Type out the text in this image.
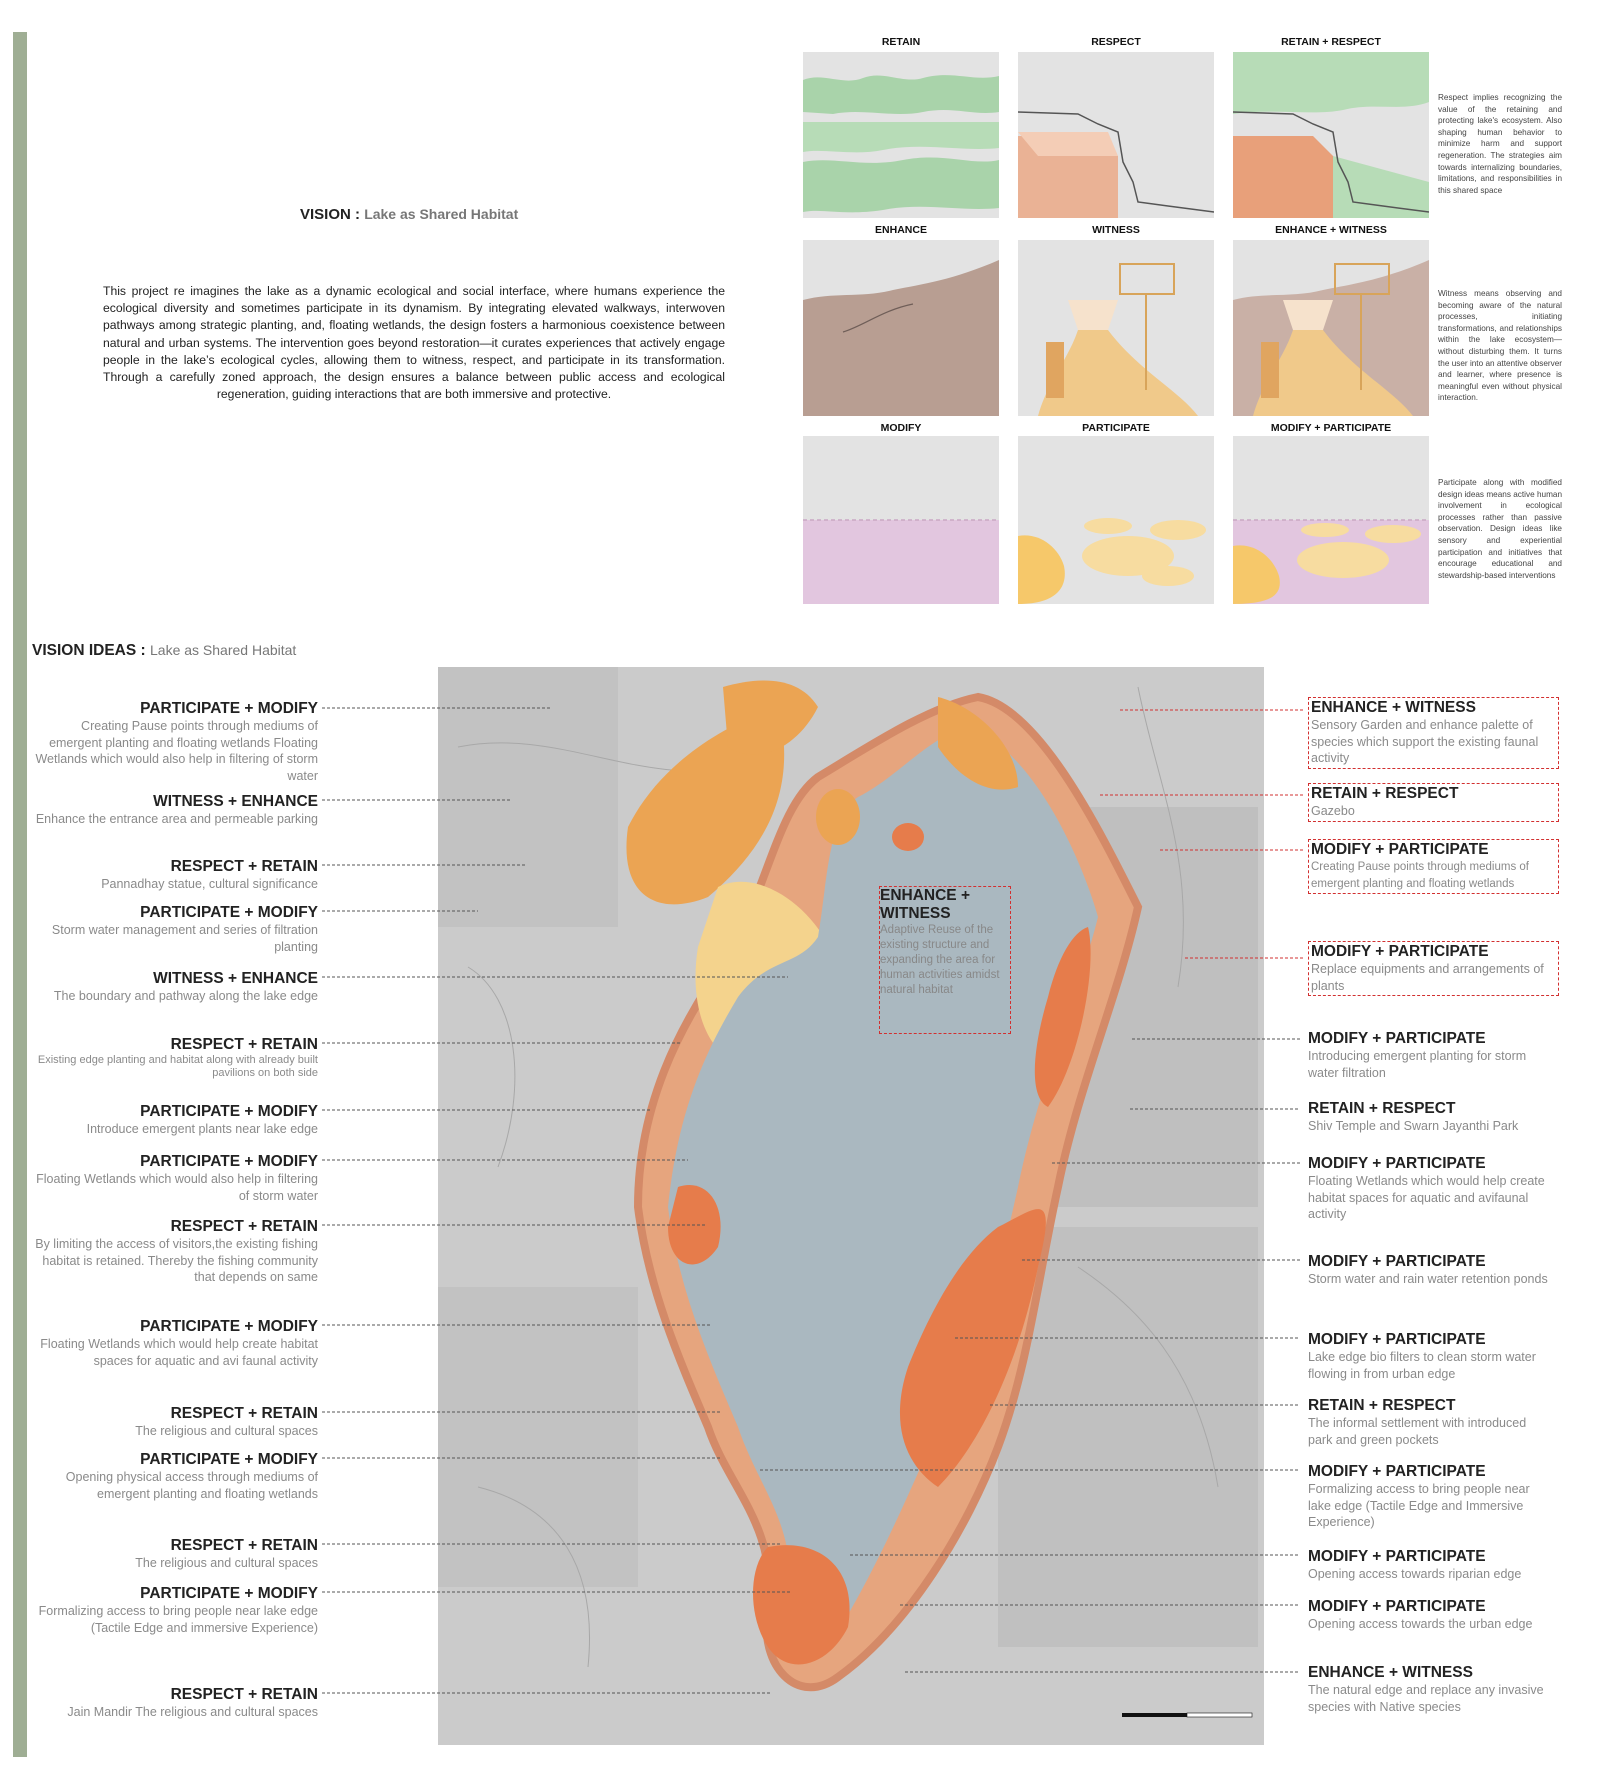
VISION : Lake as Shared Habitat
This project re imagines the lake as a dynamic ecological and social interface, where humans experience the ecological diversity and sometimes participate in its dynamism. By integrating elevated walkways, interwoven pathways among strategic planting, and, floating wetlands, the design fosters a harmonious coexistence between natural and urban systems. The intervention goes beyond restoration—it curates experiences that actively engage people in the lake’s ecological cycles, allowing them to witness, respect, and participate in its transformation. Through a carefully zoned approach, the design ensures a balance between public access and ecological regeneration, guiding interactions that are both immersive and protective.
RETAIN	RESPECT	RETAIN + RESPECT
ENHANCE	WITNESS	ENHANCE + WITNESS
MODIFY	PARTICIPATE	MODIFY + PARTICIPATE
Respect implies recognizing the value of the retaining and protecting lake's ecosystem. Also shaping human behavior to minimize harm and support regeneration. The strategies aim towards internalizing boundaries, limitations, and responsibilities in this shared space
Witness means observing and becoming aware of the natural processes, initiating transformations, and relationships within the lake ecosystem—without disturbing them. It turns the user into an attentive observer and learner, where presence is meaningful even without physical interaction.
Participate along with modified design ideas means active human involvement in ecological processes rather than passive observation. Design ideas like sensory and experiential participation and initiatives that encourage educational and stewardship-based interventions
VISION IDEAS : Lake as Shared Habitat
PARTICIPATE + MODIFY
Creating Pause points through mediums of emergent planting and floating wetlands Floating Wetlands which would also help in filtering of storm water
WITNESS + ENHANCE
Enhance the entrance area and permeable parking
RESPECT + RETAIN
Pannadhay statue, cultural significance
PARTICIPATE + MODIFY
Storm water management and series of filtration planting
WITNESS + ENHANCE
The boundary and pathway along the lake edge
RESPECT + RETAIN
Existing edge planting and habitat along with already built pavilions on both side
PARTICIPATE + MODIFY
Introduce emergent plants near lake edge
PARTICIPATE + MODIFY
Floating Wetlands which would also help in filtering of storm water
RESPECT + RETAIN
By limiting the access of visitors,the existing fishing habitat is retained. Thereby the fishing community that depends on same
PARTICIPATE + MODIFY
Floating Wetlands which would help create habitat spaces for aquatic and avi faunal activity
RESPECT + RETAIN
The religious and cultural spaces
PARTICIPATE + MODIFY
Opening physical access through mediums of emergent planting and floating wetlands
RESPECT + RETAIN
The religious and cultural spaces
PARTICIPATE + MODIFY
Formalizing access to bring people near lake edge (Tactile Edge and immersive Experience)
RESPECT + RETAIN
Jain Mandir The religious and cultural spaces
ENHANCE + WITNESS
Sensory Garden and enhance palette of species which support the existing faunal activity
RETAIN + RESPECT
Gazebo
MODIFY + PARTICIPATE
Creating Pause points through mediums of emergent planting and floating wetlands
MODIFY + PARTICIPATE
Replace equipments and arrangements of plants
MODIFY + PARTICIPATE
Introducing emergent planting for storm water filtration
RETAIN + RESPECT
Shiv Temple and Swarn Jayanthi Park
MODIFY + PARTICIPATE
Floating Wetlands which would help create habitat spaces for aquatic and avifaunal activity
MODIFY + PARTICIPATE
Storm water and rain water retention ponds
MODIFY + PARTICIPATE
Lake edge bio filters to clean storm water flowing in from urban edge
RETAIN + RESPECT
The informal settlement with introduced park and green pockets
MODIFY + PARTICIPATE
Formalizing access to bring people near lake edge (Tactile Edge and Immersive Experience)
MODIFY + PARTICIPATE
Opening access towards riparian edge
MODIFY + PARTICIPATE
Opening access towards the urban edge
ENHANCE + WITNESS
The natural edge and replace any invasive species with Native species
ENHANCE + WITNESS
Adaptive Reuse of the existing structure and expanding the area for human activities amidst natural habitat
